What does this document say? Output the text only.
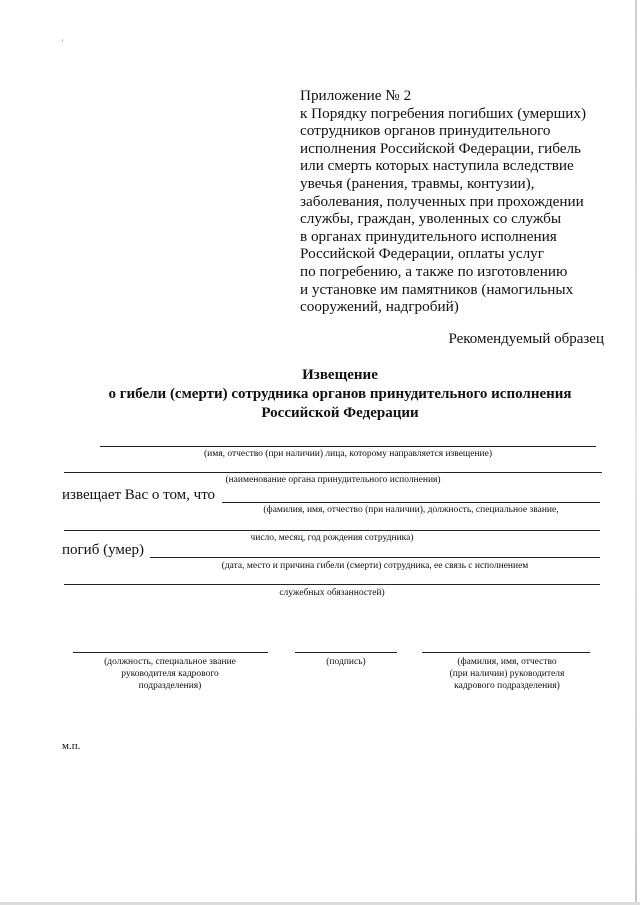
'
Приложение № 2
к Порядку погребения погибших (умерших)
сотрудников органов принудительного
исполнения Российской Федерации, гибель
или смерть которых наступила вследствие
увечья (ранения, травмы, контузии),
заболевания, полученных при прохождении
службы, граждан, уволенных со службы
в органах принудительного исполнения
Российской Федерации, оплаты услуг
по погребению, а также по изготовлению
и установке им памятников (намогильных
сооружений, надгробий)
Рекомендуемый образец
Извещение
о гибели (смерти) сотрудника органов принудительного исполнения
Российской Федерации
(имя, отчество (при наличии) лица, которому направляется извещение)
(наименование органа принудительного исполнения)
извещает Вас о том, что
(фамилия, имя, отчество (при наличии), должность, специальное звание,
число, месяц, год рождения сотрудника)
погиб (умер)
(дата, место и причина гибели (смерти) сотрудника, ее связь с исполнением
служебных обязанностей)
(должность, специальное звание
руководителя кадрового
подразделения)
(подпись)	(фамилия, имя, отчество
(при наличии) руководителя
кадрового подразделения)
м.п.
